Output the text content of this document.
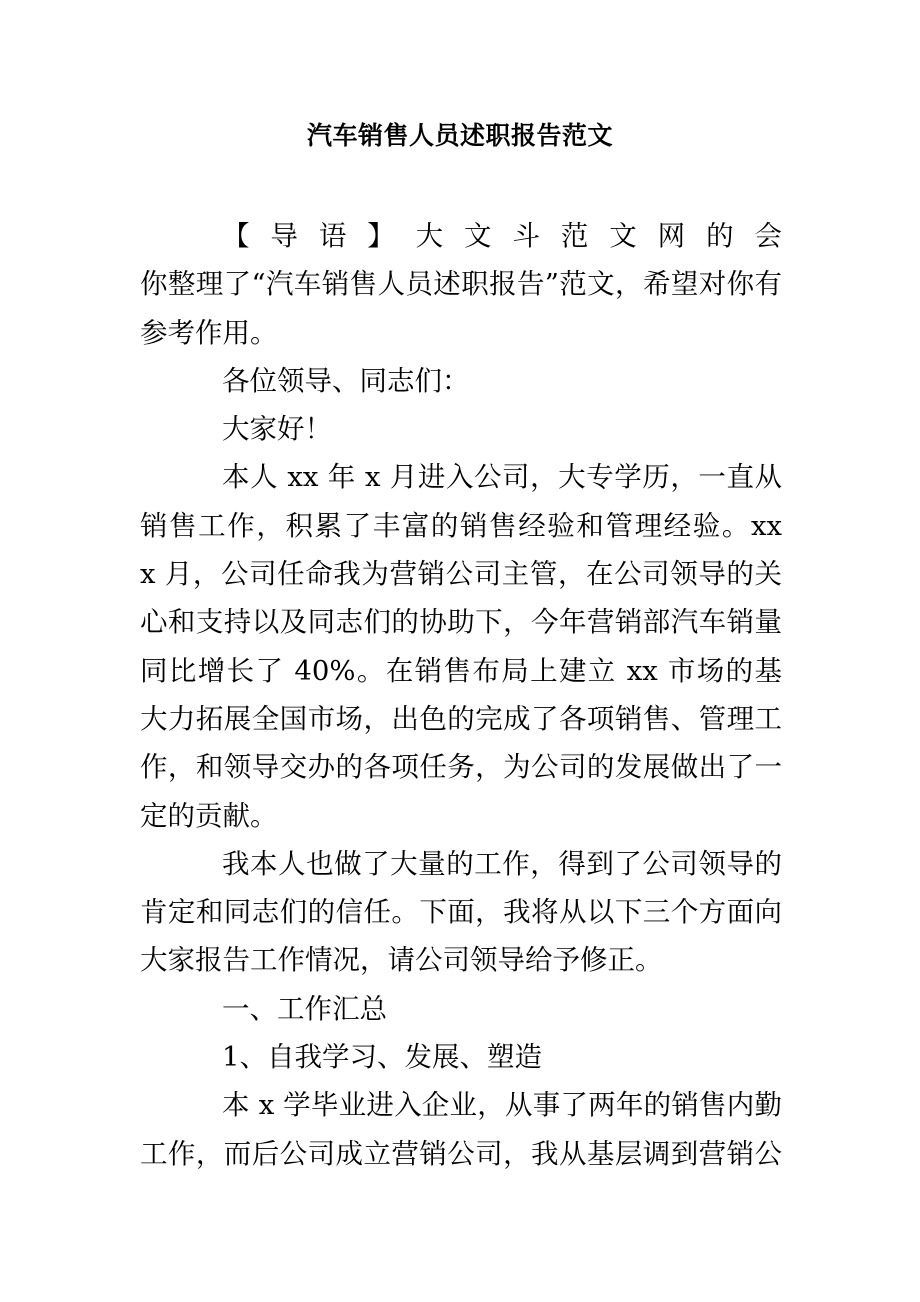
汽车销售人员述职报告范文
【导语】大文斗范文网的会
你整理了“汽车销售人员述职报告”范文，希望对你有
参考作用。
各位领导、同志们：
大家好！
本人 xx 年 x 月进入公司，大专学历，一直从
销售工作，积累了丰富的销售经验和管理经验。xx
x 月，公司任命我为营销公司主管，在公司领导的关
心和支持以及同志们的协助下，今年营销部汽车销量
同比增长了 40%。在销售布局上建立 xx 市场的基
大力拓展全国市场，出色的完成了各项销售、管理工
作，和领导交办的各项任务，为公司的发展做出了一
定的贡献。
我本人也做了大量的工作，得到了公司领导的
肯定和同志们的信任。下面，我将从以下三个方面向
大家报告工作情况，请公司领导给予修正。
一、工作汇总
1、自我学习、发展、塑造
本 x 学毕业进入企业，从事了两年的销售内勤
工作，而后公司成立营销公司，我从基层调到营销公
